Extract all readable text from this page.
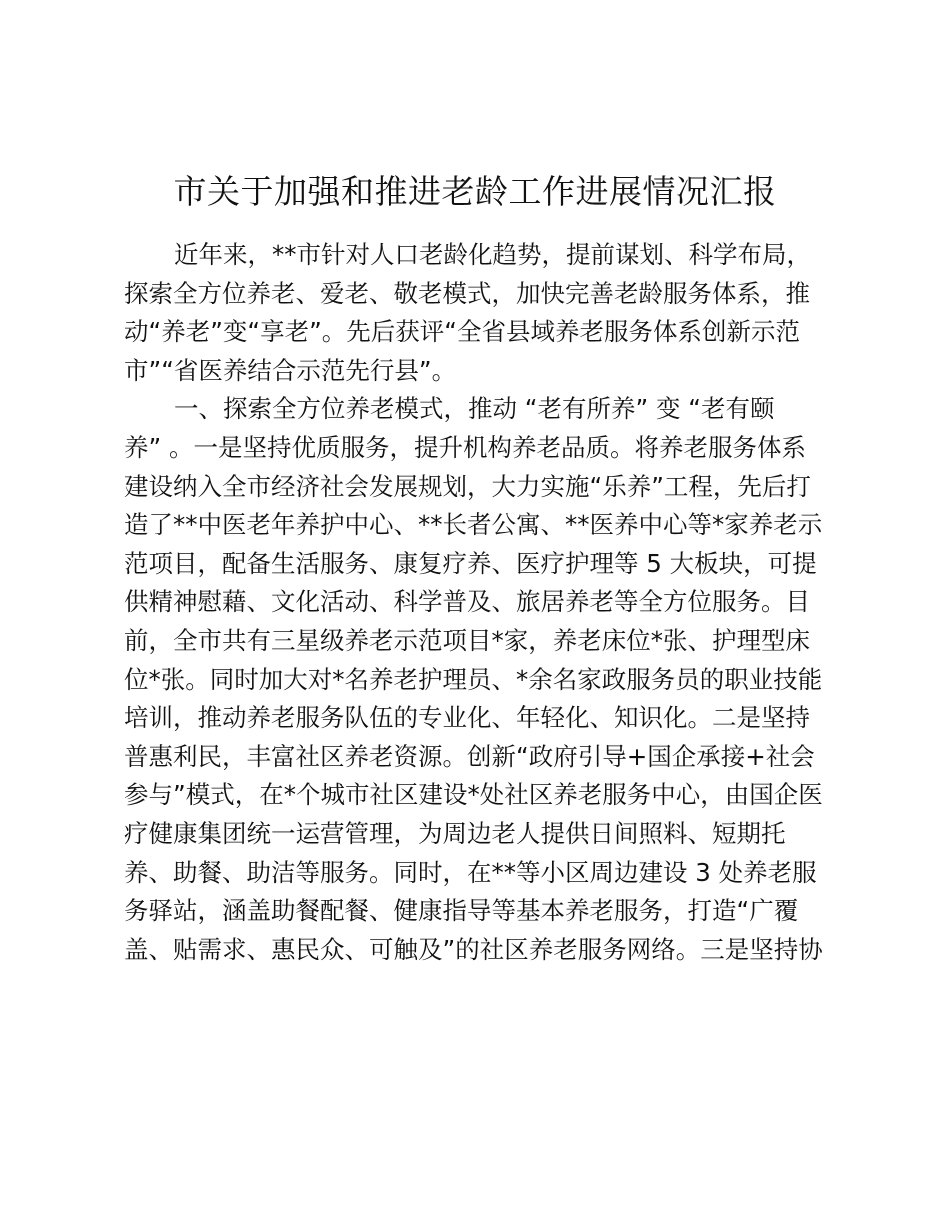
市关于加强和推进老龄工作进展情况汇报
近年来，**市针对人口老龄化趋势，提前谋划、科学布局，
探索全方位养老、爱老、敬老模式，加快完善老龄服务体系，推
动“养老”变“享老”。先后获评“全省县域养老服务体系创新示范
市”“省医养结合示范先行县”。
一、探索全方位养老模式，推动 “老有所养” 变 “老有颐
养” 。一是坚持优质服务，提升机构养老品质。将养老服务体系
建设纳入全市经济社会发展规划，大力实施“乐养”工程，先后打
造了**中医老年养护中心、**长者公寓、**医养中心等*家养老示
范项目，配备生活服务、康复疗养、医疗护理等 5 大板块，可提
供精神慰藉、文化活动、科学普及、旅居养老等全方位服务。目
前，全市共有三星级养老示范项目*家，养老床位*张、护理型床
位*张。同时加大对*名养老护理员、*余名家政服务员的职业技能
培训，推动养老服务队伍的专业化、年轻化、知识化。二是坚持
普惠利民，丰富社区养老资源。创新“政府引导+国企承接+社会
参与”模式，在*个城市社区建设*处社区养老服务中心，由国企医
疗健康集团统一运营管理，为周边老人提供日间照料、短期托
养、助餐、助洁等服务。同时，在**等小区周边建设 3 处养老服
务驿站，涵盖助餐配餐、健康指导等基本养老服务，打造“广覆
盖、贴需求、惠民众、可触及”的社区养老服务网络。三是坚持协
